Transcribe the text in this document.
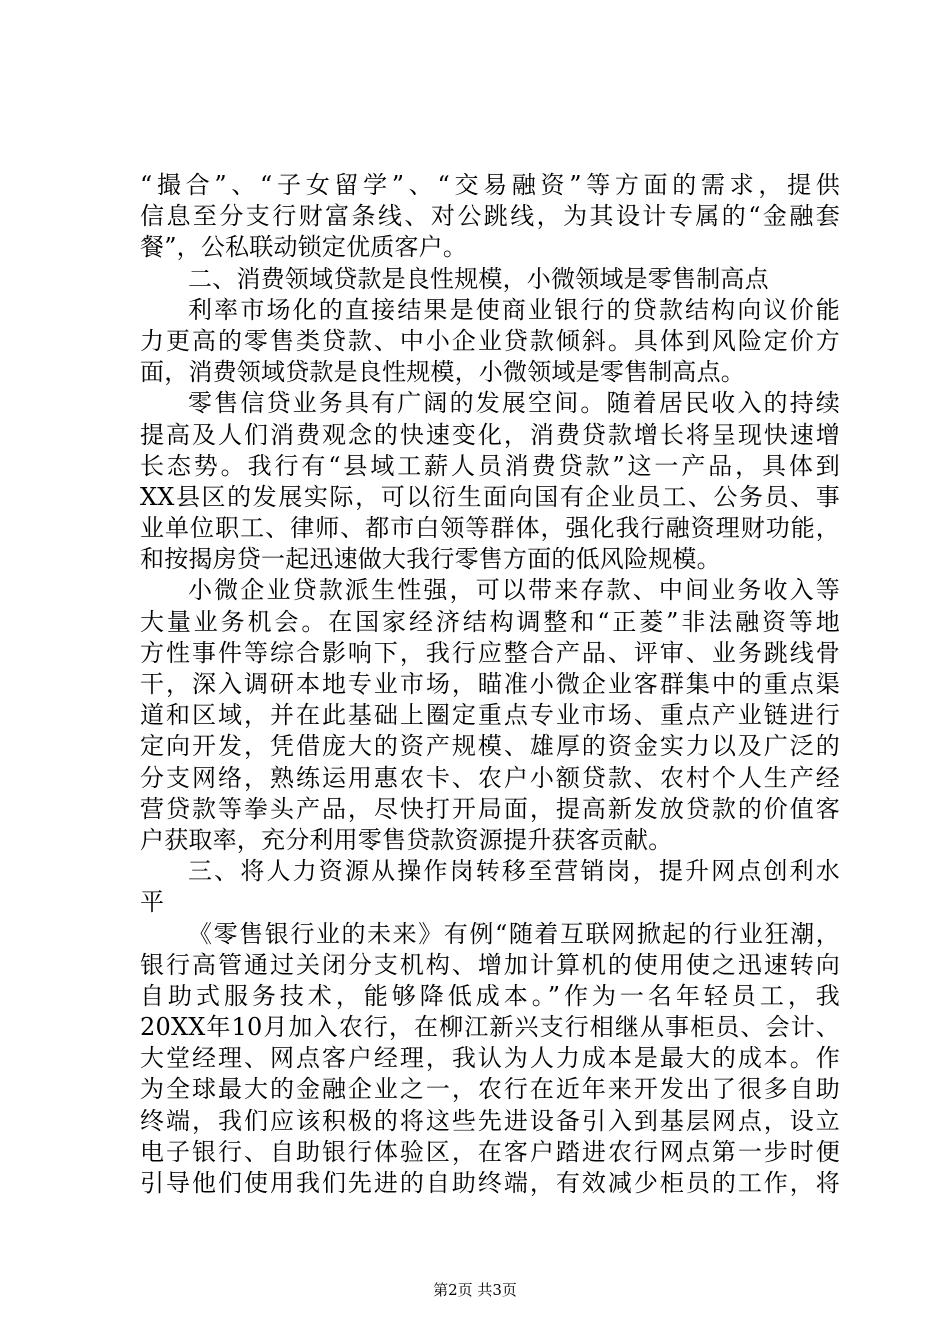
“撮合”、“子女留学”、“交易融资”等方面的需求，提供
信息至分支行财富条线、对公跳线，为其设计专属的“金融套
餐”，公私联动锁定优质客户。
二、消费领域贷款是良性规模，小微领域是零售制高点
利率市场化的直接结果是使商业银行的贷款结构向议价能
力更高的零售类贷款、中小企业贷款倾斜。具体到风险定价方
面，消费领域贷款是良性规模，小微领域是零售制高点。
零售信贷业务具有广阔的发展空间。随着居民收入的持续
提高及人们消费观念的快速变化，消费贷款增长将呈现快速增
长态势。我行有“县域工薪人员消费贷款”这一产品，具体到
XX县区的发展实际，可以衍生面向国有企业员工、公务员、事
业单位职工、律师、都市白领等群体，强化我行融资理财功能，
和按揭房贷一起迅速做大我行零售方面的低风险规模。
小微企业贷款派生性强，可以带来存款、中间业务收入等
大量业务机会。在国家经济结构调整和“正菱”非法融资等地
方性事件等综合影响下，我行应整合产品、评审、业务跳线骨
干，深入调研本地专业市场，瞄准小微企业客群集中的重点渠
道和区域，并在此基础上圈定重点专业市场、重点产业链进行
定向开发，凭借庞大的资产规模、雄厚的资金实力以及广泛的
分支网络，熟练运用惠农卡、农户小额贷款、农村个人生产经
营贷款等拳头产品，尽快打开局面，提高新发放贷款的价值客
户获取率，充分利用零售贷款资源提升获客贡献。
三、将人力资源从操作岗转移至营销岗，提升网点创利水
平
《零售银行业的未来》有例“随着互联网掀起的行业狂潮，
银行高管通过关闭分支机构、增加计算机的使用使之迅速转向
自助式服务技术，能够降低成本。”作为一名年轻员工，我
20XX年10月加入农行，在柳江新兴支行相继从事柜员、会计、
大堂经理、网点客户经理，我认为人力成本是最大的成本。作
为全球最大的金融企业之一，农行在近年来开发出了很多自助
终端，我们应该积极的将这些先进设备引入到基层网点，设立
电子银行、自助银行体验区，在客户踏进农行网点第一步时便
引导他们使用我们先进的自助终端，有效减少柜员的工作，将
第2页 共3页
